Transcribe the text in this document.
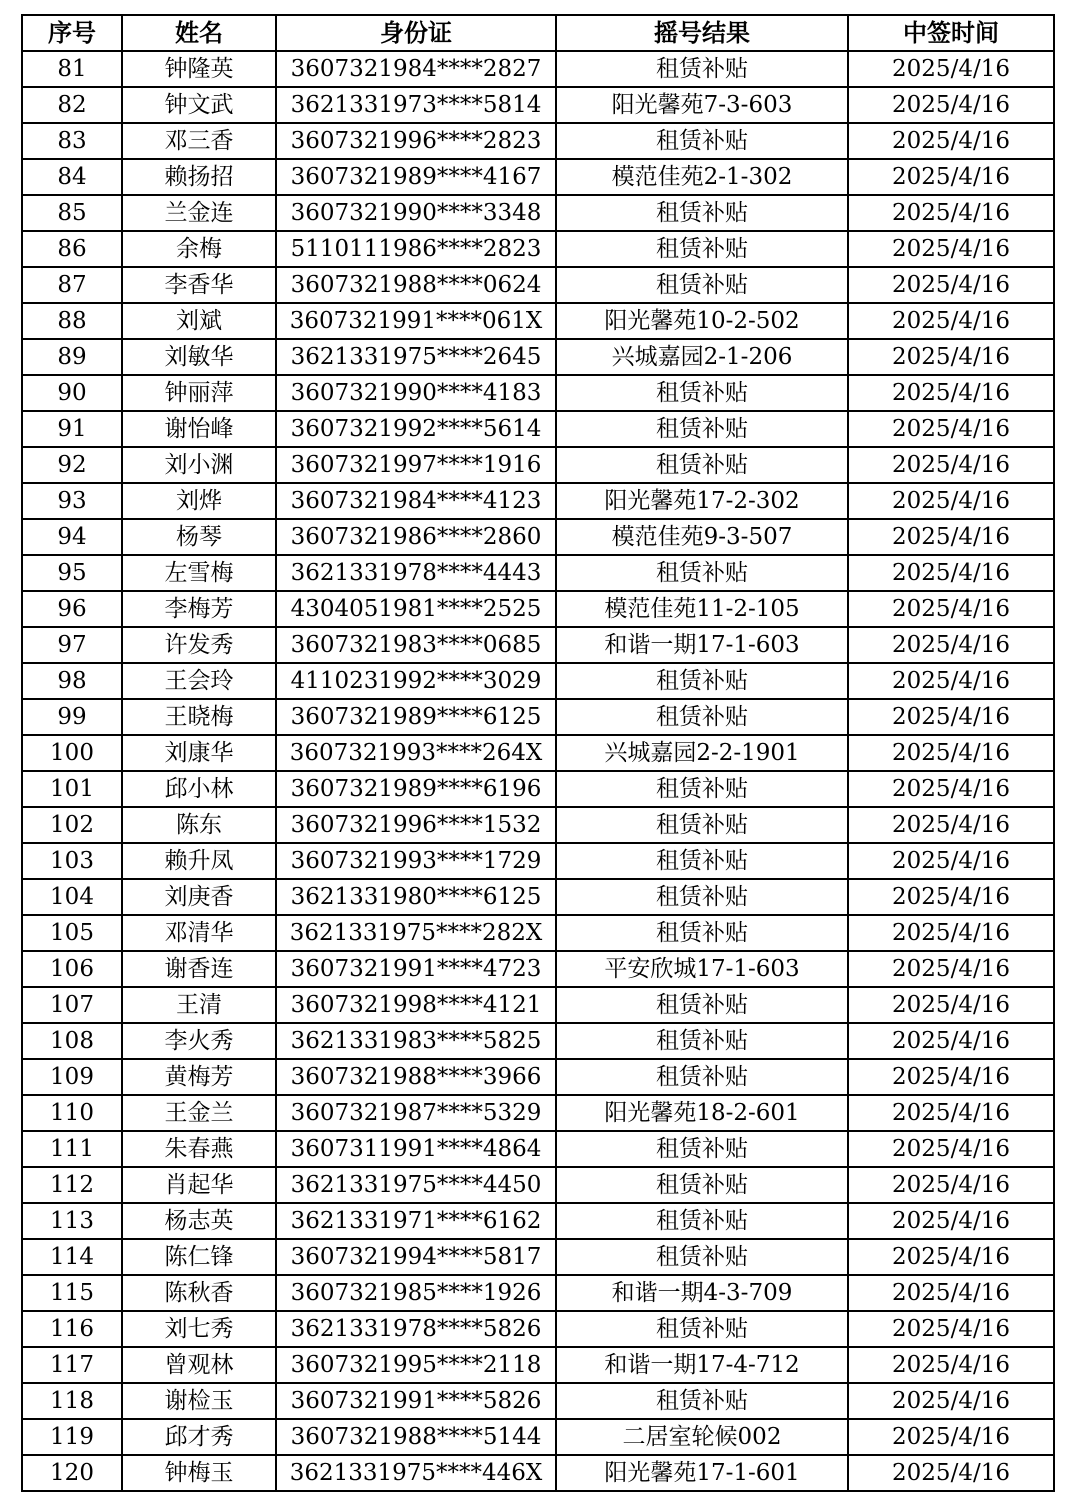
序号	姓名	身份证	摇号结果	中签时间
81	钟隆英	3607321984****2827	租赁补贴	2025/4/16
82	钟文武	3621331973****5814	阳光馨苑7-3-603	2025/4/16
83	邓三香	3607321996****2823	租赁补贴	2025/4/16
84	赖扬招	3607321989****4167	模范佳苑2-1-302	2025/4/16
85	兰金连	3607321990****3348	租赁补贴	2025/4/16
86	余梅	5110111986****2823	租赁补贴	2025/4/16
87	李香华	3607321988****0624	租赁补贴	2025/4/16
88	刘斌	3607321991****061X	阳光馨苑10-2-502	2025/4/16
89	刘敏华	3621331975****2645	兴城嘉园2-1-206	2025/4/16
90	钟丽萍	3607321990****4183	租赁补贴	2025/4/16
91	谢怡峰	3607321992****5614	租赁补贴	2025/4/16
92	刘小渊	3607321997****1916	租赁补贴	2025/4/16
93	刘烨	3607321984****4123	阳光馨苑17-2-302	2025/4/16
94	杨琴	3607321986****2860	模范佳苑9-3-507	2025/4/16
95	左雪梅	3621331978****4443	租赁补贴	2025/4/16
96	李梅芳	4304051981****2525	模范佳苑11-2-105	2025/4/16
97	许发秀	3607321983****0685	和谐一期17-1-603	2025/4/16
98	王会玲	4110231992****3029	租赁补贴	2025/4/16
99	王晓梅	3607321989****6125	租赁补贴	2025/4/16
100	刘康华	3607321993****264X	兴城嘉园2-2-1901	2025/4/16
101	邱小林	3607321989****6196	租赁补贴	2025/4/16
102	陈东	3607321996****1532	租赁补贴	2025/4/16
103	赖升凤	3607321993****1729	租赁补贴	2025/4/16
104	刘庚香	3621331980****6125	租赁补贴	2025/4/16
105	邓清华	3621331975****282X	租赁补贴	2025/4/16
106	谢香连	3607321991****4723	平安欣城17-1-603	2025/4/16
107	王清	3607321998****4121	租赁补贴	2025/4/16
108	李火秀	3621331983****5825	租赁补贴	2025/4/16
109	黄梅芳	3607321988****3966	租赁补贴	2025/4/16
110	王金兰	3607321987****5329	阳光馨苑18-2-601	2025/4/16
111	朱春燕	3607311991****4864	租赁补贴	2025/4/16
112	肖起华	3621331975****4450	租赁补贴	2025/4/16
113	杨志英	3621331971****6162	租赁补贴	2025/4/16
114	陈仁锋	3607321994****5817	租赁补贴	2025/4/16
115	陈秋香	3607321985****1926	和谐一期4-3-709	2025/4/16
116	刘七秀	3621331978****5826	租赁补贴	2025/4/16
117	曾观林	3607321995****2118	和谐一期17-4-712	2025/4/16
118	谢检玉	3607321991****5826	租赁补贴	2025/4/16
119	邱才秀	3607321988****5144	二居室轮候002	2025/4/16
120	钟梅玉	3621331975****446X	阳光馨苑17-1-601	2025/4/16
